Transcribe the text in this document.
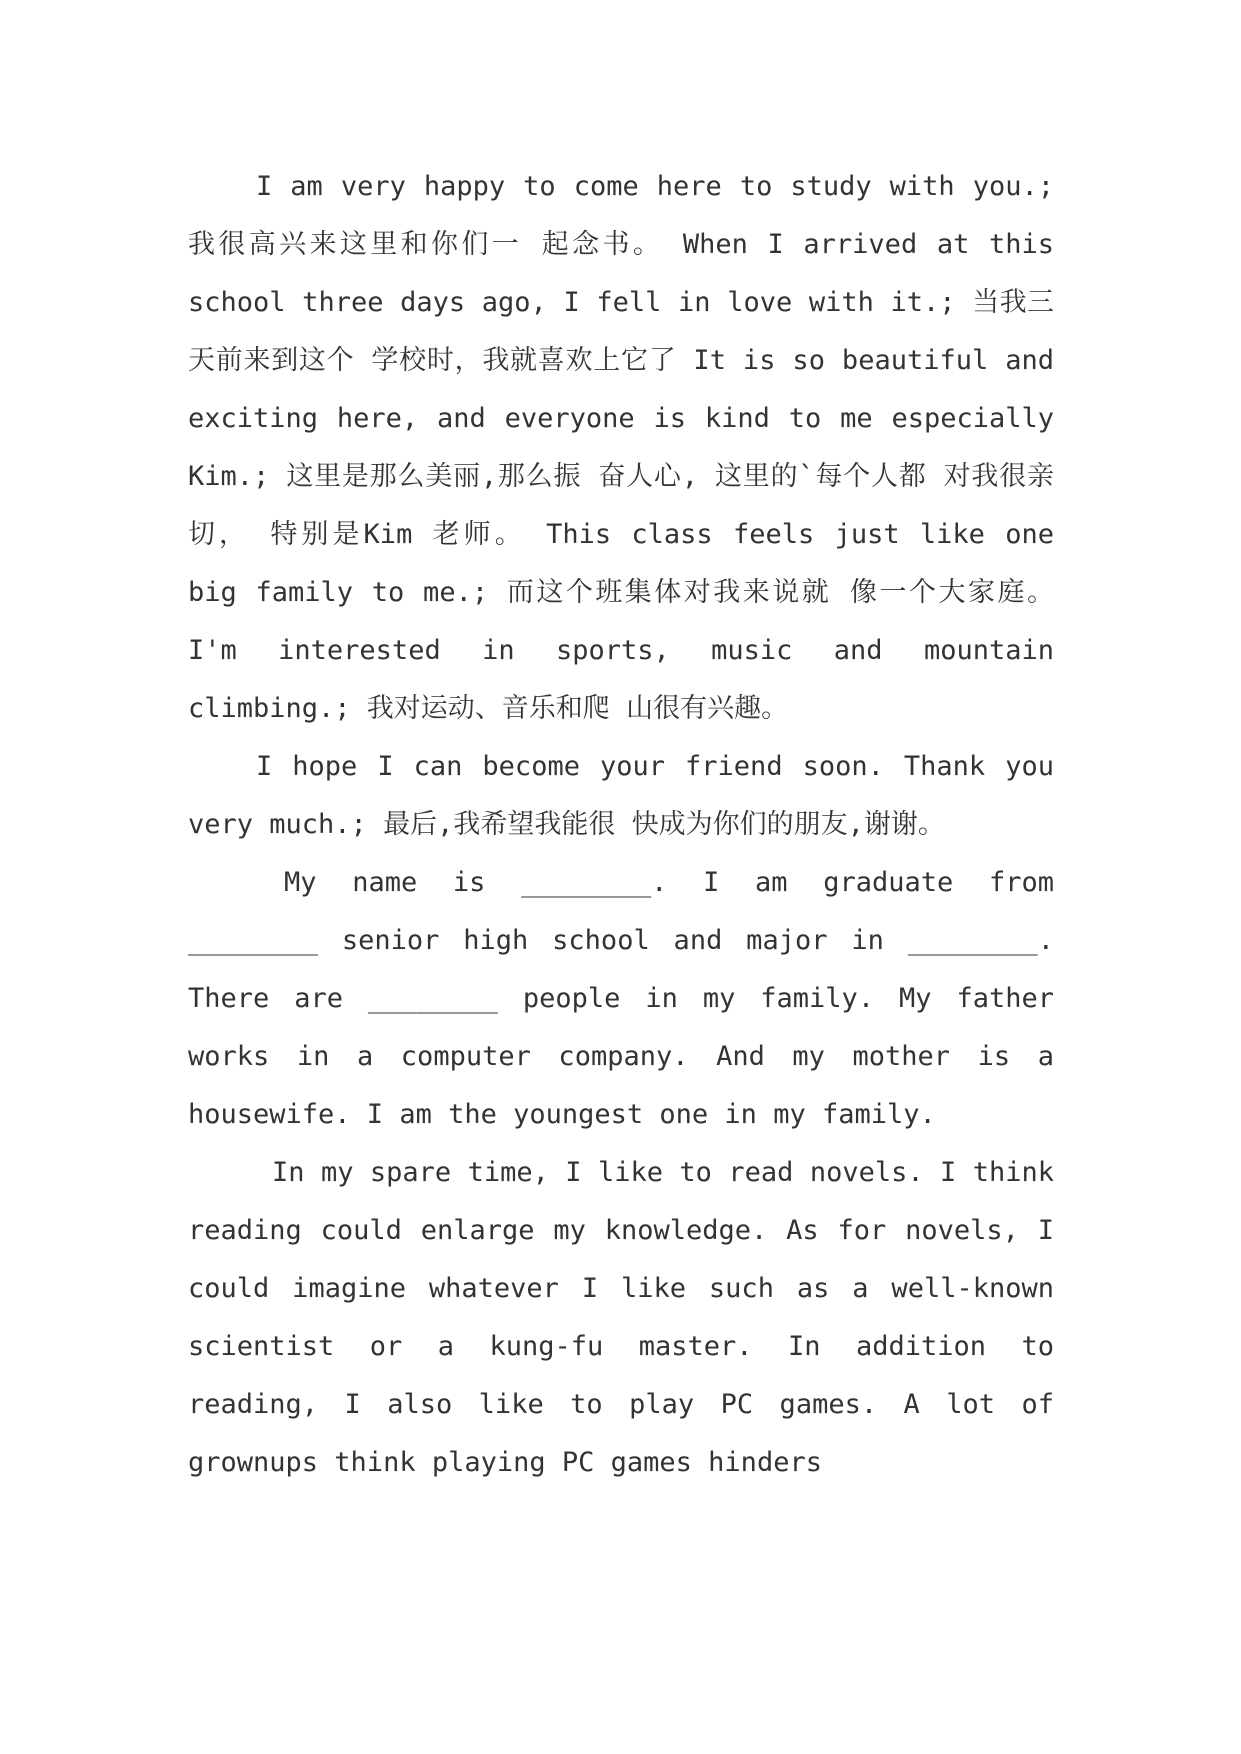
I am very happy to come here to study with you.; 我很高兴来这里和你们一 起念书。 When I arrived at this school three days ago, I fell in love with it.; 当我三天前来到这个 学校时，我就喜欢上它了 It is so beautiful and exciting here, and everyone is kind to me especially Kim.; 这里是那么美丽,那么振 奋人心, 这里的`每个人都 对我很亲切， 特别是Kim 老师。 This class feels just like one big family to me.; 而这个班集体对我来说就 像一个大家庭。 I'm interested in sports, music and mountain climbing.; 我对运动、音乐和爬 山很有兴趣。

I hope I can become your friend soon. Thank you very much.; 最后,我希望我能很 快成为你们的朋友,谢谢。

My name is ________. I am graduate from ________ senior high school and major in ________. There are ________ people in my family. My father works in a computer company. And my mother is a housewife. I am the youngest one in my family.

In my spare time, I like to read novels. I think reading could enlarge my knowledge. As for novels, I could imagine whatever I like such as a well-known scientist or a kung-fu master. In addition to reading, I also like to play PC games. A lot of grownups think playing PC games hinders
